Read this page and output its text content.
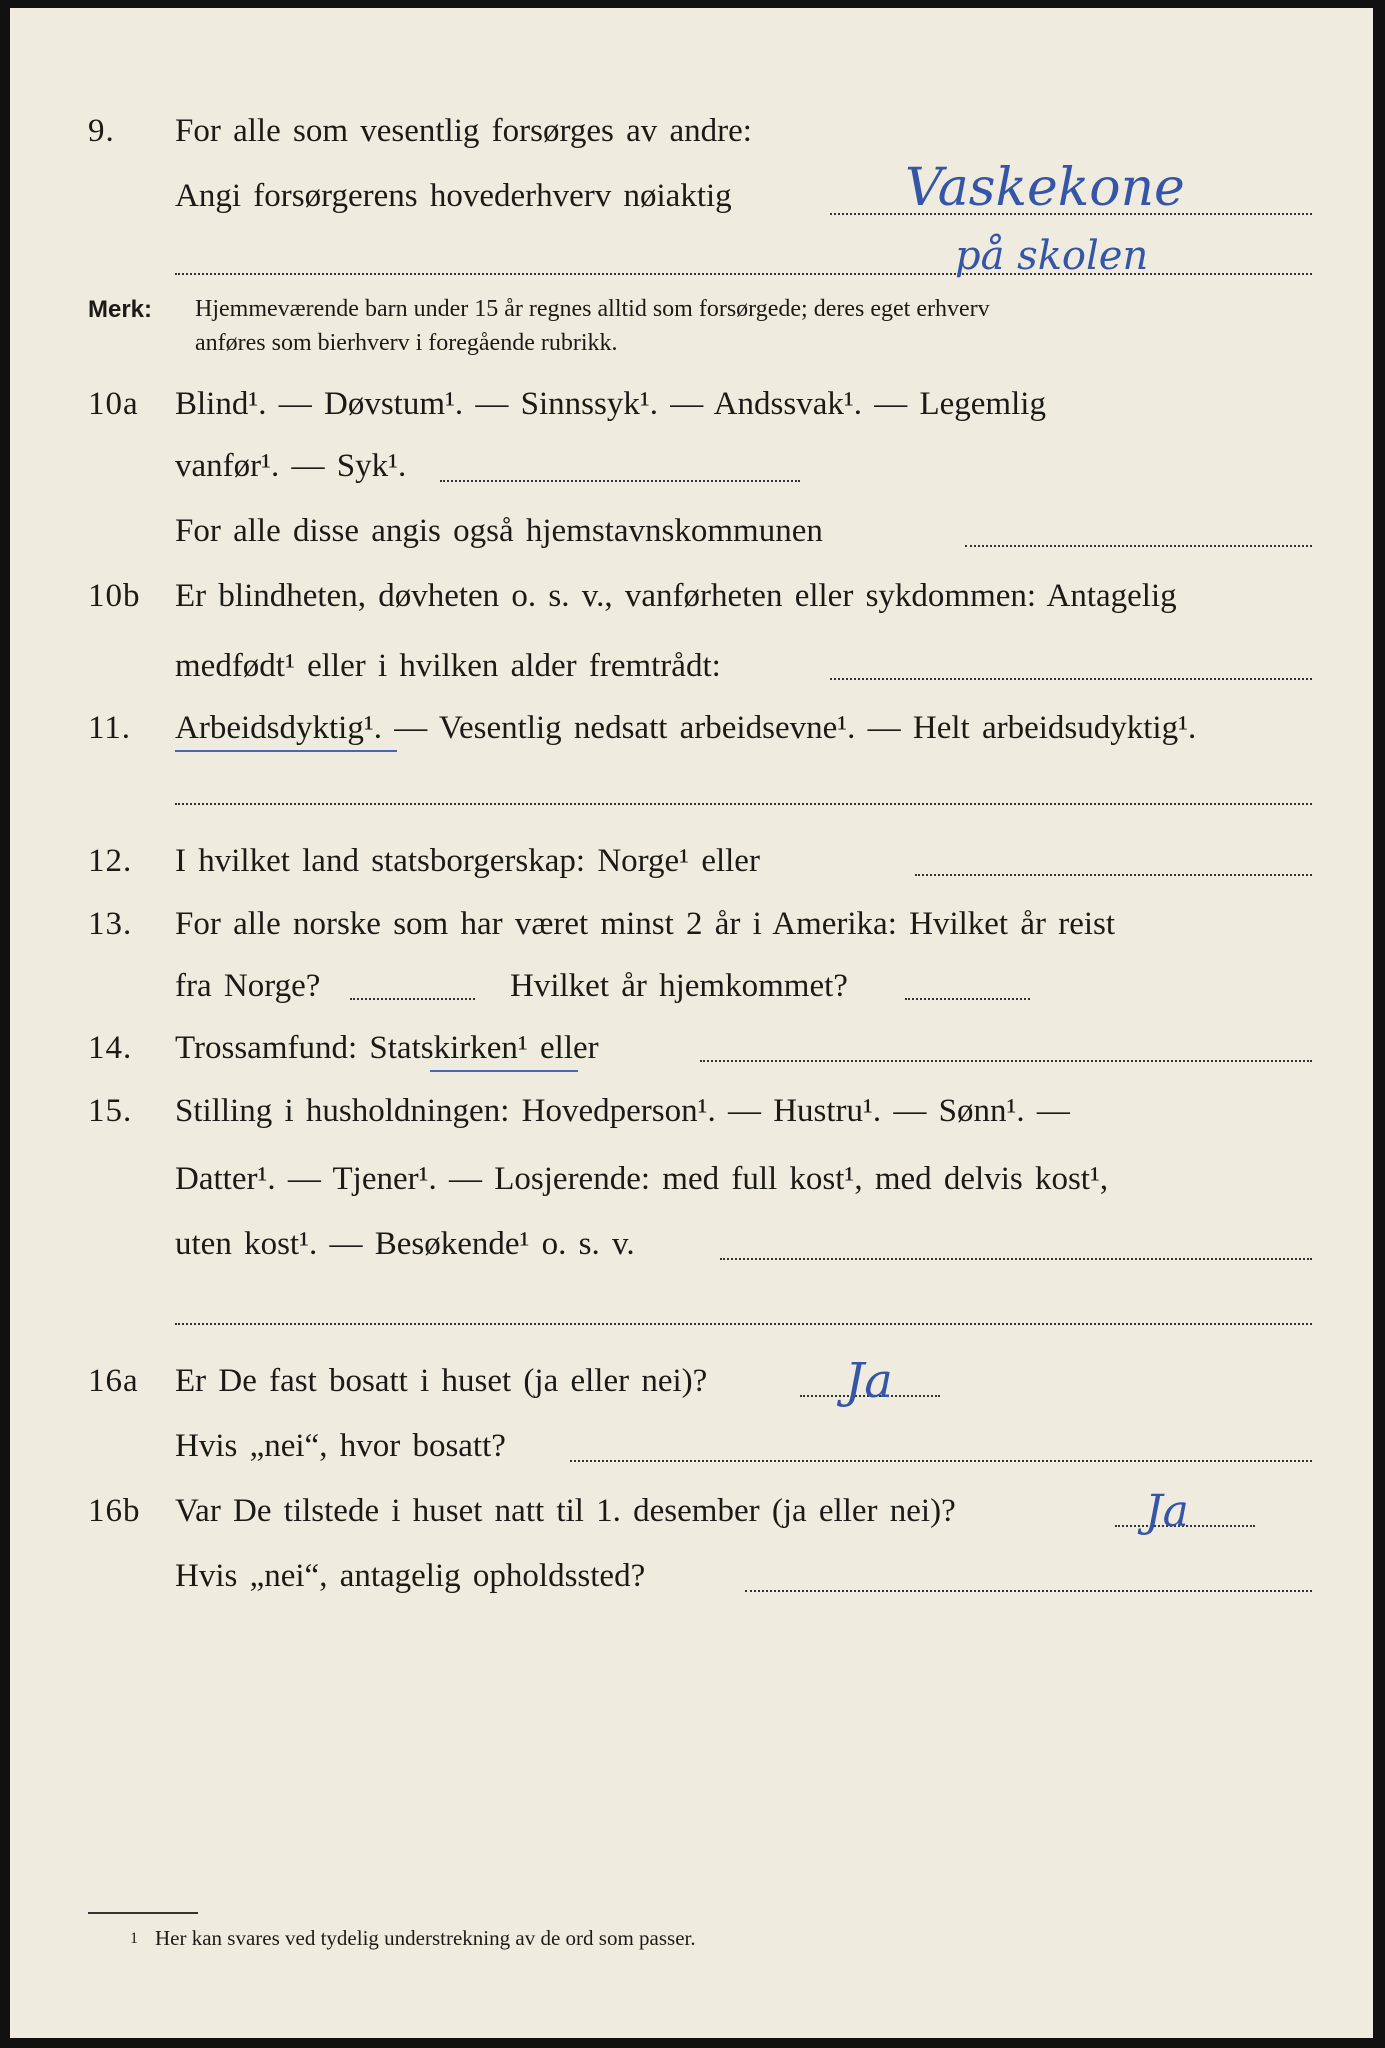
9. For alle som vesentlig forsørges av andre:
Angi forsørgerens hovederhverv nøiaktig	Vaskekone
på skolen
Merk: Hjemmeværende barn under 15 år regnes alltid som forsørgede; deres eget erhverv
anføres som bierhverv i foregående rubrikk.
10a Blind¹. — Døvstum¹. — Sinnssyk¹. — Andssvak¹. — Legemlig
vanfør¹. — Syk¹.
For alle disse angis også hjemstavnskommunen
10b Er blindheten, døvheten o. s. v., vanførheten eller sykdommen: Antagelig
medfødt¹ eller i hvilken alder fremtrådt:
11. Arbeidsdyktig¹. — Vesentlig nedsatt arbeidsevne¹. — Helt arbeidsudyktig¹.
12. I hvilket land statsborgerskap: Norge¹ eller
13. For alle norske som har været minst 2 år i Amerika: Hvilket år reist
fra Norge?	Hvilket år hjemkommet?
14. Trossamfund: Statskirken¹ eller
15. Stilling i husholdningen: Hovedperson¹. — Hustru¹. — Sønn¹. —
Datter¹. — Tjener¹. — Losjerende: med full kost¹, med delvis kost¹,
uten kost¹. — Besøkende¹ o. s. v.
16a Er De fast bosatt i huset (ja eller nei)?	Ja
Hvis „nei“, hvor bosatt?
16b Var De tilstede i huset natt til 1. desember (ja eller nei)?	Ja
Hvis „nei“, antagelig opholdssted?
1 Her kan svares ved tydelig understrekning av de ord som passer.
